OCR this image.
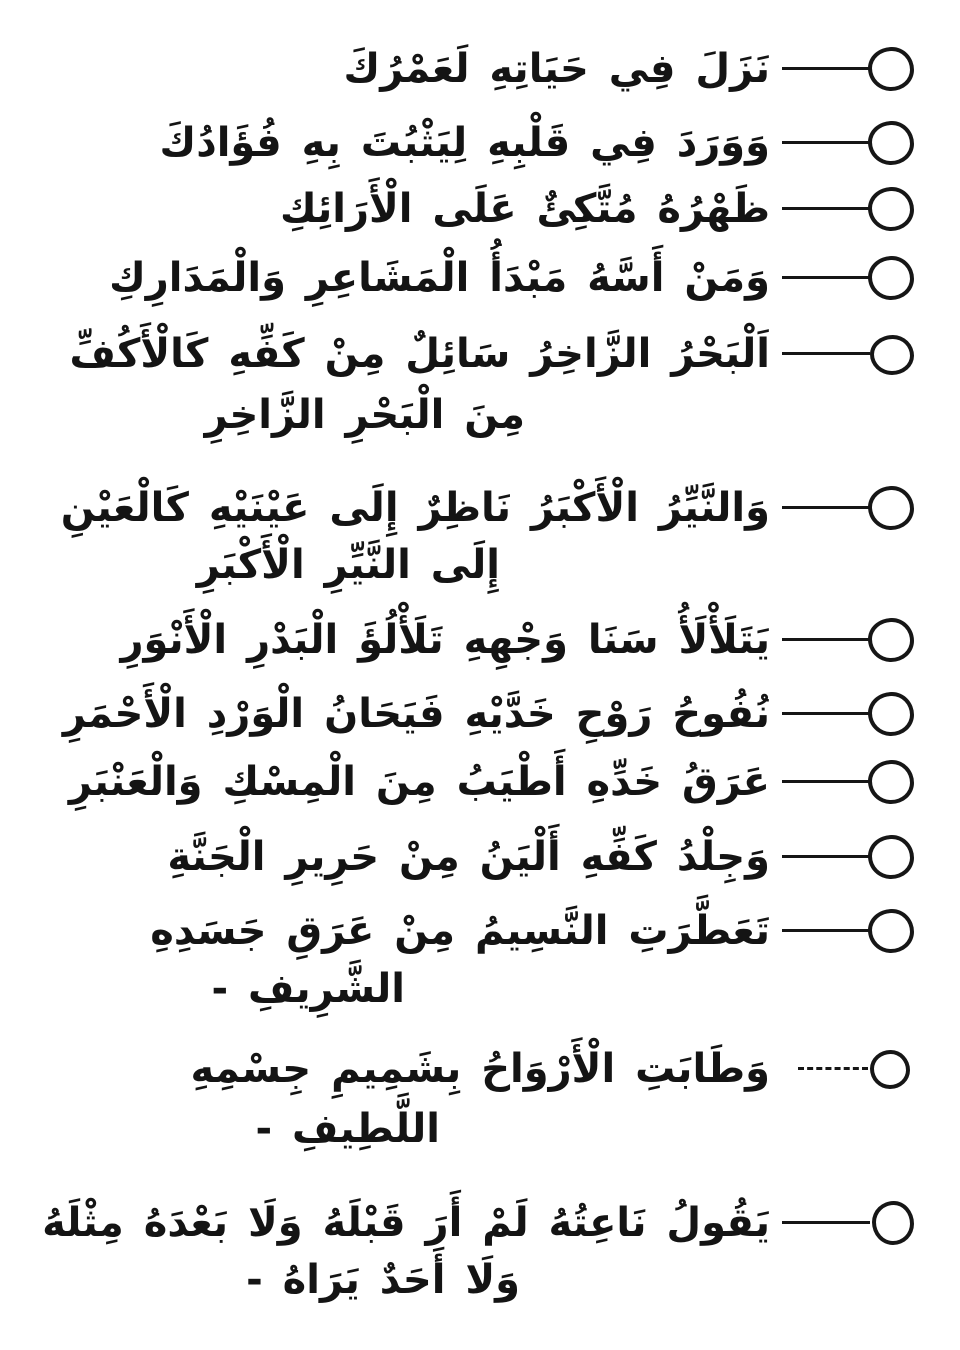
نَزَلَ فِي حَيَاتِهِ لَعَمْرُكَ
وَوَرَدَ فِي قَلْبِهِ لِيَثْبُتَ بِهِ فُؤَادُكَ
ظَهْرُهُ مُتَّكِئٌ عَلَى الْأَرَائِكِ
وَمَنْ أَسَّهُ مَبْدَأُ الْمَشَاعِرِ وَالْمَدَارِكِ
اَلْبَحْرُ الزَّاخِرُ سَائِلٌ مِنْ كَفِّهِ كَالْأَكُفِّ
مِنَ الْبَحْرِ الزَّاخِرِ
وَالنَّيِّرُ الْأَكْبَرُ نَاظِرٌ إِلَى عَيْنَيْهِ كَالْعَيْنِ
إِلَى النَّيِّرِ الْأَكْبَرِ
يَتَلَأْلَأُ سَنَا وَجْهِهِ تَلَأْلُؤَ الْبَدْرِ الْأَنْوَرِ
نُفُوحُ رَوْحِ خَدَّيْهِ فَيَحَانُ الْوَرْدِ الْأَحْمَرِ
عَرَقُ خَدِّهِ أَطْيَبُ مِنَ الْمِسْكِ وَالْعَنْبَرِ
وَجِلْدُ كَفِّهِ أَلْيَنُ مِنْ حَرِيرِ الْجَنَّةِ
تَعَطَّرَتِ النَّسِيمُ مِنْ عَرَقِ جَسَدِهِ
الشَّرِيفِ -
وَطَابَتِ الْأَرْوَاحُ بِشَمِيمِ جِسْمِهِ
اللَّطِيفِ -
يَقُولُ نَاعِتُهُ لَمْ أَرَ قَبْلَهُ وَلَا بَعْدَهُ مِثْلَهُ
وَلَا أَحَدٌ يَرَاهُ -
